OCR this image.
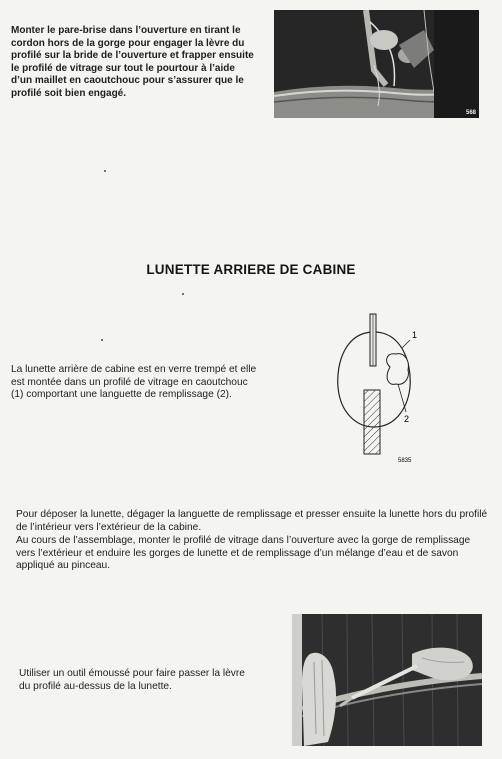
Monter le pare-brise dans l’ouverture en tirant le cordon hors de la gorge pour engager la lèvre du profilé sur la bride de l’ouverture et frapper ensuite le profilé de vitrage sur tout le pourtour à l’aide d’un maillet en caoutchouc pour s’assurer que le profilé soit bien engagé.

568
LUNETTE ARRIERE DE CABINE

La lunette arrière de cabine est en verre trempé et elle est montée dans un profilé de vitrage en caoutchouc (1) comportant une languette de remplissage (2).

1
2
5835

Pour déposer la lunette, dégager la languette de remplissage et presser ensuite la lunette hors du profilé de l’intérieur vers l’extérieur de la cabine.

Au cours de l’assemblage, monter le profilé de vitrage dans l’ouverture avec la gorge de remplissage vers l’extérieur et enduire les gorges de lunette et de remplissage d’un mélange d’eau et de savon appliqué au pinceau.

Utiliser un outil émoussé pour faire passer la lèvre du profilé au-dessus de la lunette.
